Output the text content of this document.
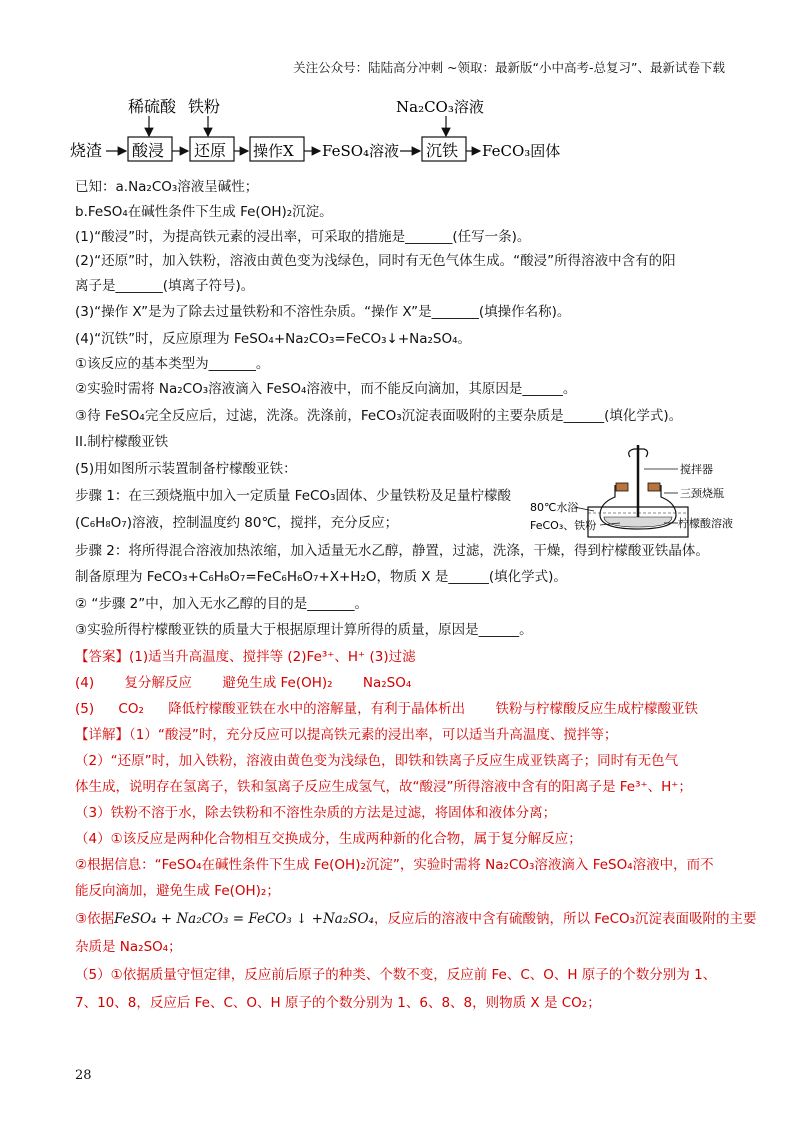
关注公众号：陆陆高分冲刺 ~领取：最新版“小中高考-总复习”、最新试卷下载
稀硫酸 铁粉	Na₂CO₃溶液
烧渣 酸浸 还原 操作X FeSO₄溶液 沉铁 FeCO₃固体
已知：a.Na₂CO₃溶液呈碱性；
b.FeSO₄在碱性条件下生成 Fe(OH)₂沉淀。
(1)“酸浸”时，为提高铁元素的浸出率，可采取的措施是_______(任写一条)。
(2)“还原”时，加入铁粉，溶液由黄色变为浅绿色，同时有无色气体生成。“酸浸”所得溶液中含有的阳
离子是_______(填离子符号)。
(3)“操作 X”是为了除去过量铁粉和不溶性杂质。“操作 X”是_______(填操作名称)。
(4)“沉铁”时，反应原理为 FeSO₄+Na₂CO₃=FeCO₃↓+Na₂SO₄。
①该反应的基本类型为_______。
②实验时需将 Na₂CO₃溶液滴入 FeSO₄溶液中，而不能反向滴加，其原因是______。
③待 FeSO₄完全反应后，过滤，洗涤。洗涤前，FeCO₃沉淀表面吸附的主要杂质是______(填化学式)。
II.制柠檬酸亚铁
(5)用如图所示装置制备柠檬酸亚铁：
步骤 1：在三颈烧瓶中加入一定质量 FeCO₃固体、少量铁粉及足量柠檬酸
(C₆H₈O₇)溶液，控制温度约 80℃，搅拌，充分反应；
步骤 2：将所得混合溶液加热浓缩，加入适量无水乙醇，静置，过滤，洗涤，干燥，得到柠檬酸亚铁晶体。
制备原理为 FeCO₃+C₆H₈O₇=FeC₆H₆O₇+X+H₂O，物质 X 是______(填化学式)。
② “步骤 2”中，加入无水乙醇的目的是_______。
③实验所得柠檬酸亚铁的质量大于根据原理计算所得的质量，原因是______。
搅拌器
三颈烧瓶
80℃水浴
FeCO₃、铁粉	柠檬酸溶液
【答案】(1)适当升高温度、搅拌等 (2)Fe³⁺、H⁺ (3)过滤
(4) 复分解反应 避免生成 Fe(OH)₂ Na₂SO₄
(5) CO₂ 降低柠檬酸亚铁在水中的溶解量，有利于晶体析出 铁粉与柠檬酸反应生成柠檬酸亚铁
【详解】（1）“酸浸”时，充分反应可以提高铁元素的浸出率，可以适当升高温度、搅拌等；
（2）“还原”时，加入铁粉，溶液由黄色变为浅绿色，即铁和铁离子反应生成亚铁离子；同时有无色气
体生成，说明存在氢离子，铁和氢离子反应生成氢气，故“酸浸”所得溶液中含有的阳离子是 Fe³⁺、H⁺；
（3）铁粉不溶于水，除去铁粉和不溶性杂质的方法是过滤，将固体和液体分离；
（4）①该反应是两种化合物相互交换成分，生成两种新的化合物，属于复分解反应；
②根据信息：“FeSO₄在碱性条件下生成 Fe(OH)₂沉淀”，实验时需将 Na₂CO₃溶液滴入 FeSO₄溶液中，而不
能反向滴加，避免生成 Fe(OH)₂；
③依据FeSO₄ + Na₂CO₃ = FeCO₃ ↓ +Na₂SO₄，反应后的溶液中含有硫酸钠，所以 FeCO₃沉淀表面吸附的主要
杂质是 Na₂SO₄；
（5）①依据质量守恒定律，反应前后原子的种类、个数不变，反应前 Fe、C、O、H 原子的个数分别为 1、
7、10、8，反应后 Fe、C、O、H 原子的个数分别为 1、6、8、8，则物质 X 是 CO₂；
28
